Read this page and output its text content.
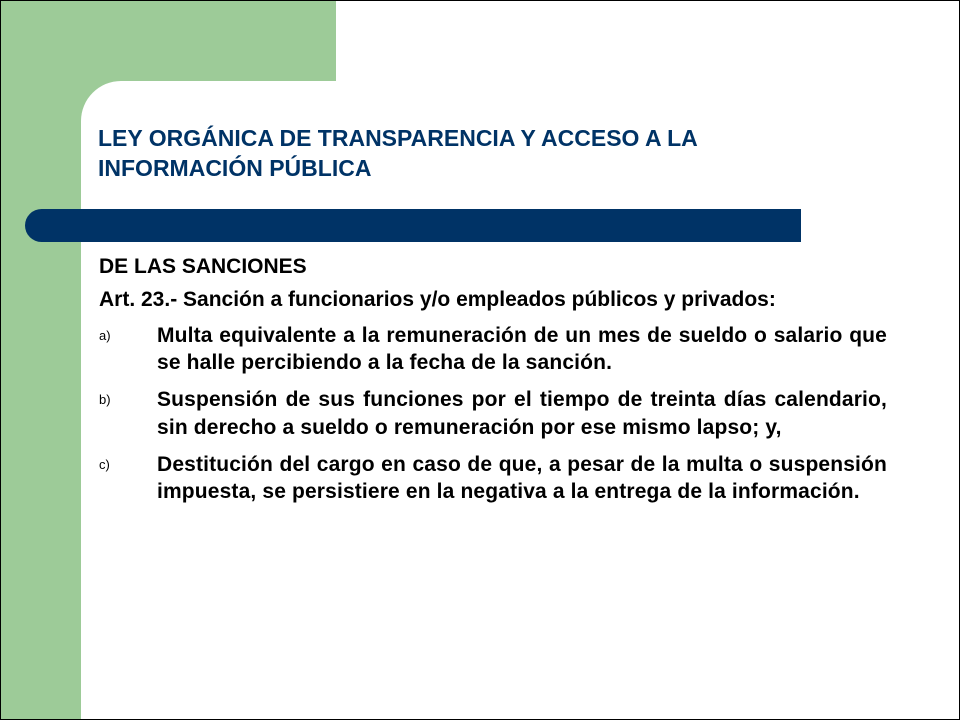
LEY ORGÁNICA DE TRANSPARENCIA Y ACCESO A LA
INFORMACIÓN PÚBLICA
DE LAS SANCIONES
Art. 23.- Sanción a funcionarios y/o empleados públicos y privados:
a) Multa equivalente a la remuneración de un mes de sueldo o salario que se halle percibiendo a la fecha de la sanción.
b) Suspensión de sus funciones por el tiempo de treinta días calendario, sin derecho a sueldo o remuneración por ese mismo lapso; y,
c) Destitución del cargo en caso de que, a pesar de la multa o suspensión impuesta, se persistiere en la negativa a la entrega de la información.
